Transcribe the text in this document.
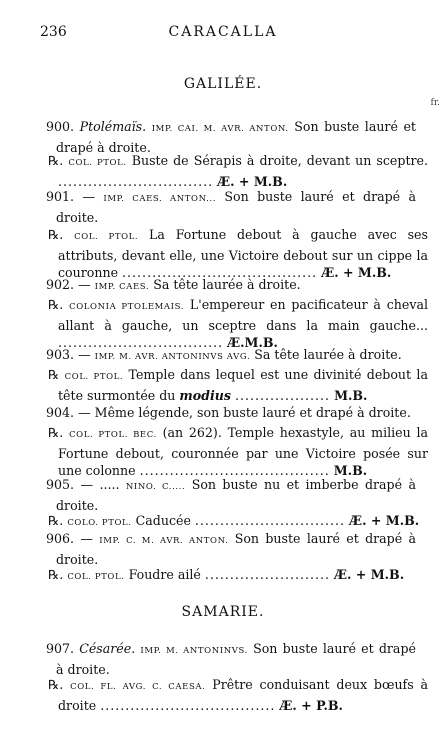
236	CARACALLA
fr.
GALILÉE.
900. Ptolémaïs. IMP. CAI. M. AVR. ANTON. Son buste lauré et drapé à droite.
℞. COL. PTOL. Buste de Sérapis à droite, devant un sceptre. ............................... Æ. + M.B.
901. — IMP. CAES. ANTON... Son buste lauré et drapé à droite.
℞. COL. PTOL. La Fortune debout à gauche avec ses attributs, devant elle, une Victoire debout sur un cippe la couronne ....................................... Æ. + M.B.
902. — IMP. CAES. Sa tête laurée à droite.
℞. COLONIA PTOLEMAIS. L'empereur en pacificateur à cheval allant à gauche, un sceptre dans la main gauche... ................................. Æ.M.B.
903. — IMP. M. AVR. ANTONINVS AVG. Sa tête laurée à droite.
℞ COL. PTOL. Temple dans lequel est une divinité debout la tête surmontée du modius ................... M.B.
904. — Même légende, son buste lauré et drapé à droite.
℞. COL. PTOL. BEC. (an 262). Temple hexastyle, au milieu la Fortune debout, couronnée par une Victoire posée sur une colonne ...................................... M.B.
905. — ..... NINO. C..... Son buste nu et imberbe drapé à droite.
℞. COLO. PTOL. Caducée .............................. Æ. + M.B.
906. — IMP. C. M. AVR. ANTON. Son buste lauré et drapé à droite.
℞. COL. PTOL. Foudre ailé ......................... Æ. + M.B.
SAMARIE.
907. Césarée. IMP. M. ANTONINVS. Son buste lauré et drapé à droite.
℞. COL. FL. AVG. C. CAESA. Prêtre conduisant deux bœufs à droite ................................... Æ. + P.B.
